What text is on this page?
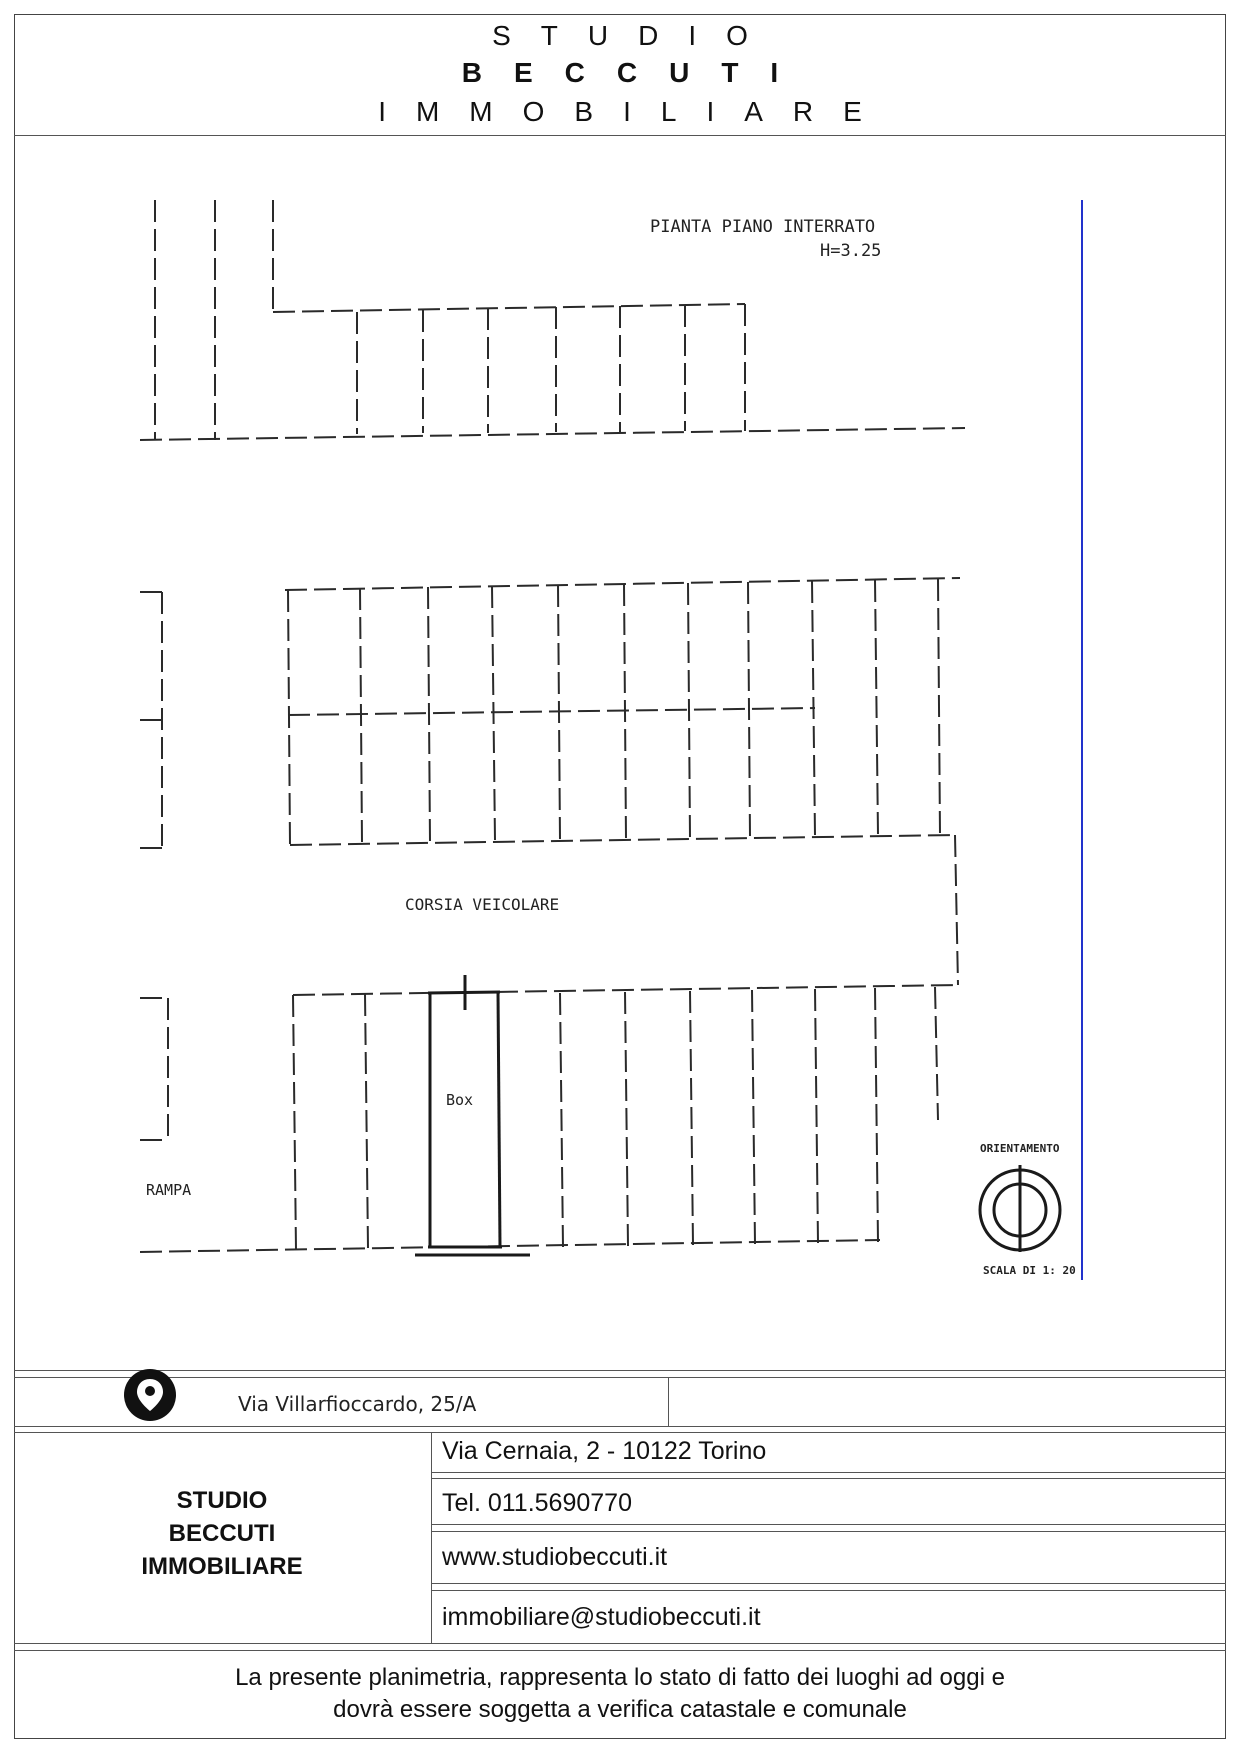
STUDIO
BECCUTI
IMMOBILIARE
PIANTA PIANO INTERRATO
H=3.25
CORSIA VEICOLARE
Box
RAMPA
ORIENTAMENTO
SCALA DI 1: 20
Via Villarfioccardo, 25/A
STUDIO
BECCUTI
IMMOBILIARE
Via Cernaia, 2 - 10122 Torino
Tel. 011.5690770
www.studiobeccuti.it
immobiliare@studiobeccuti.it
La presente planimetria, rappresenta lo stato di fatto dei luoghi ad oggi e
dovrà essere soggetta a verifica catastale e comunale
